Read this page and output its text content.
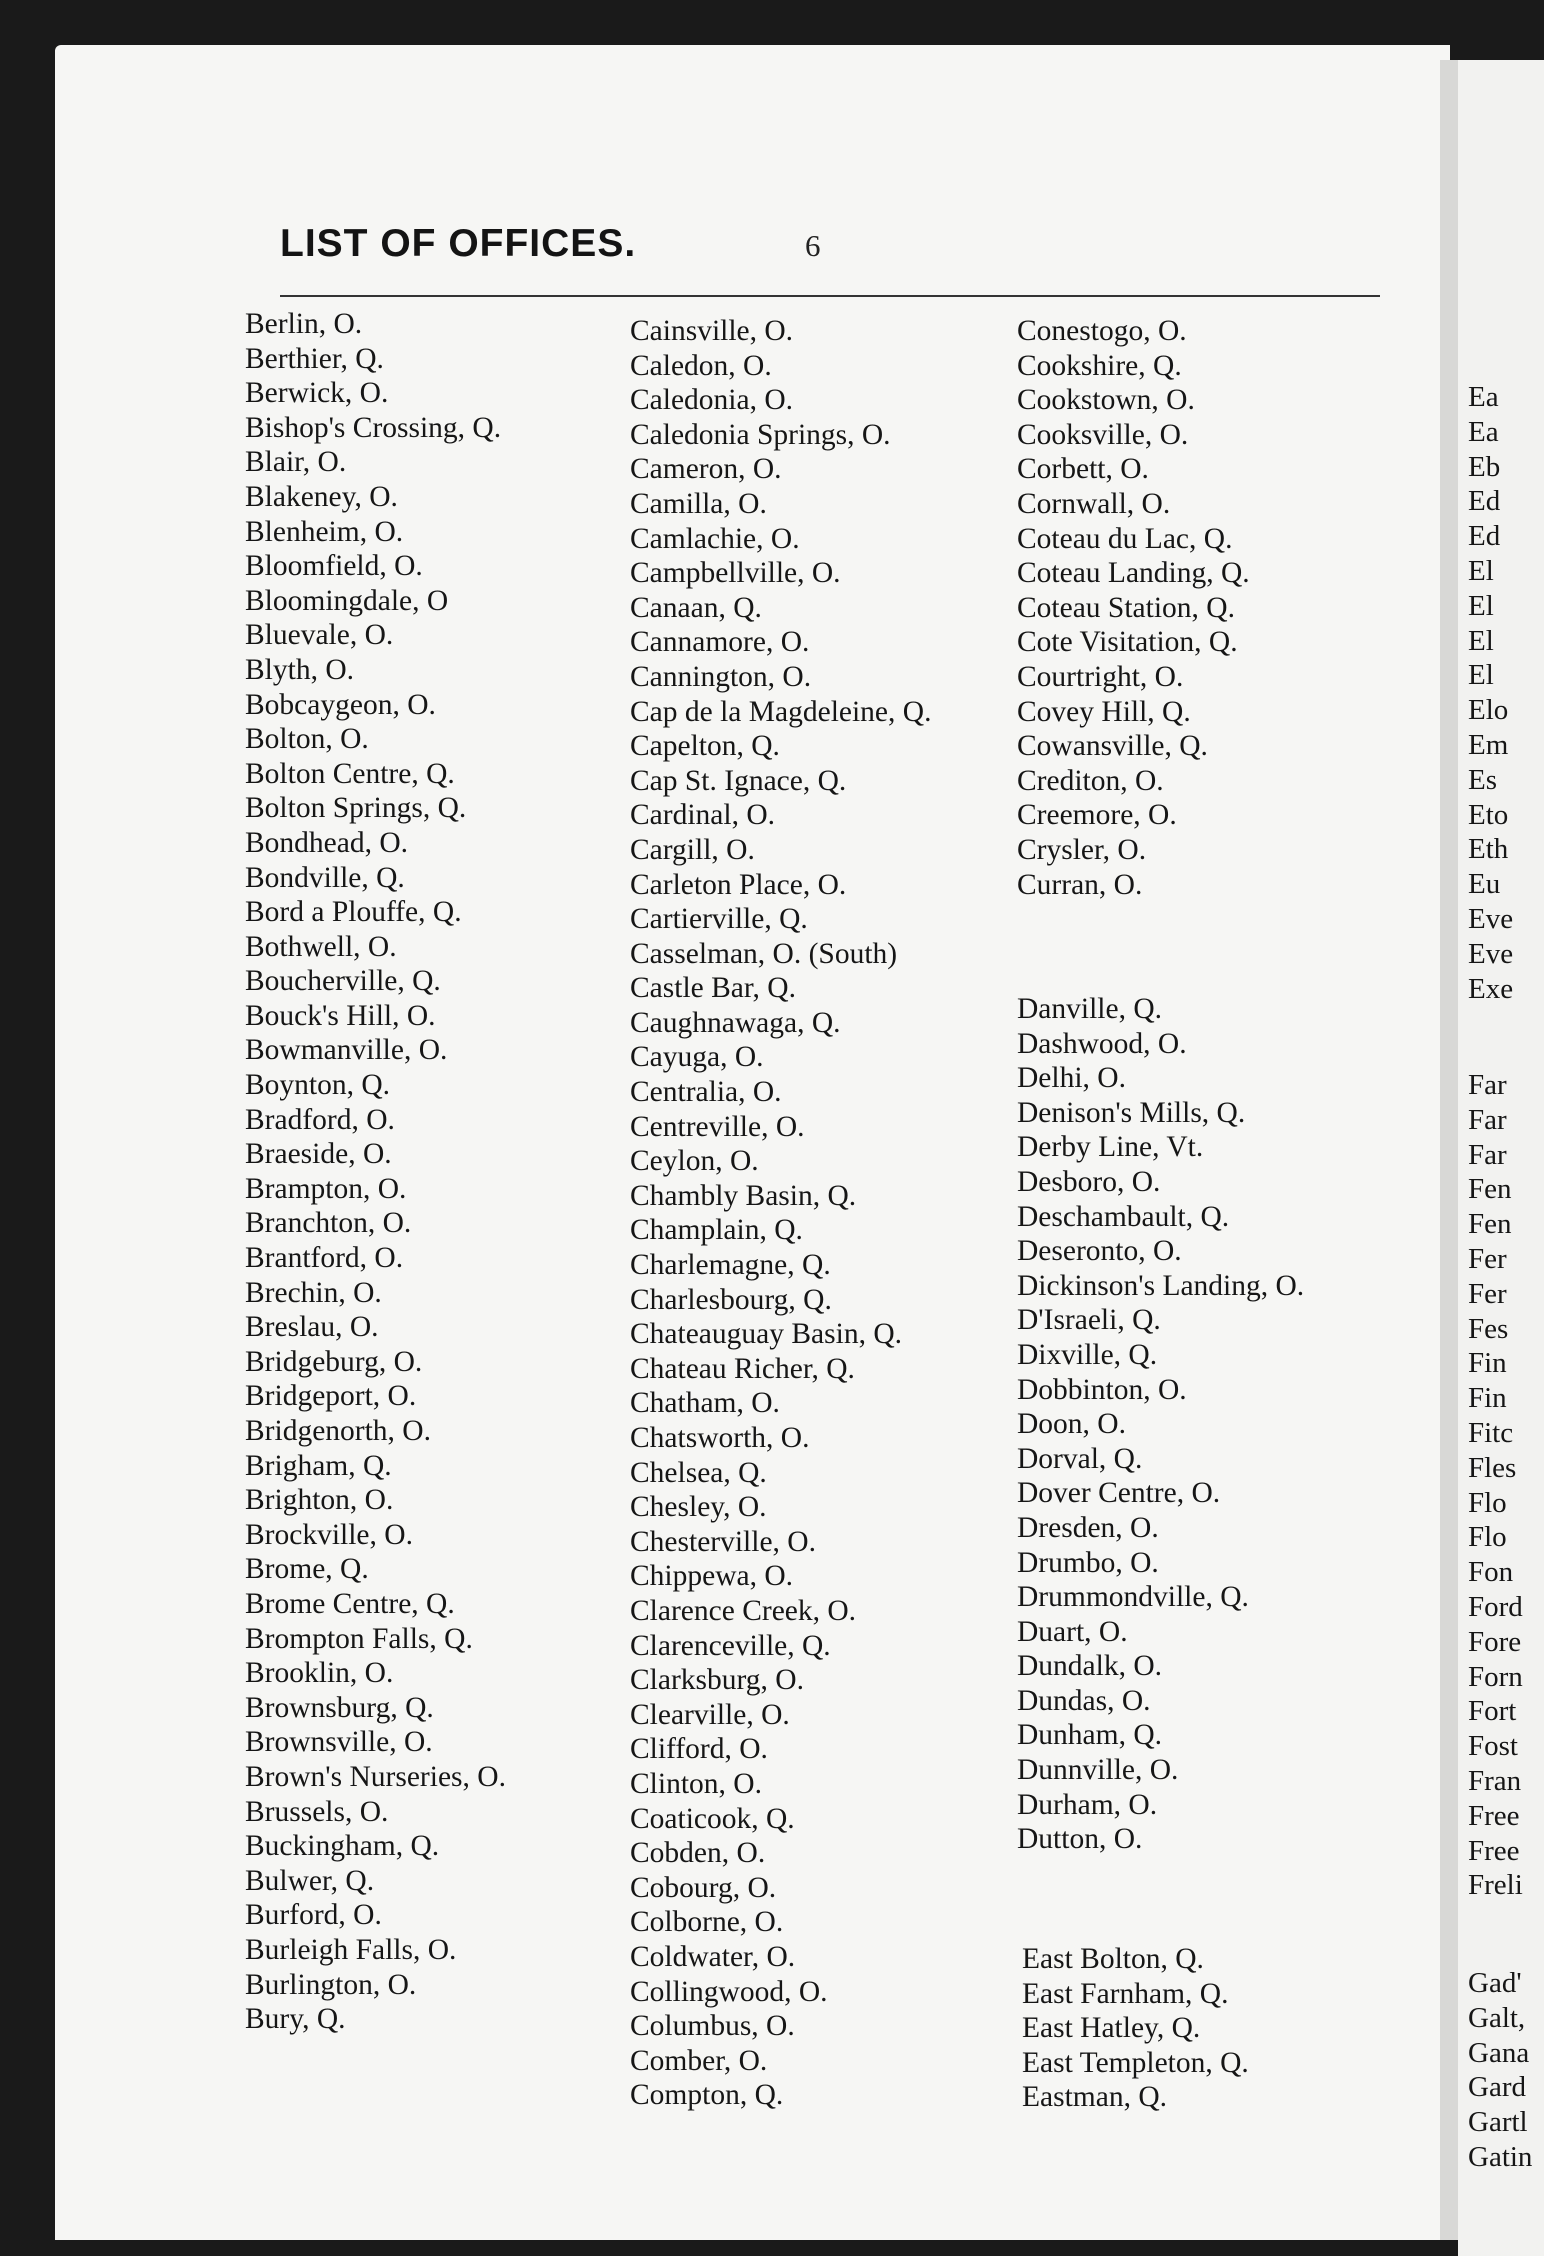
LIST OF OFFICES.	6
Berlin, O.
Berthier, Q.
Berwick, O.
Bishop's Crossing, Q.
Blair, O.
Blakeney, O.
Blenheim, O.
Bloomfield, O.
Bloomingdale, O
Bluevale, O.
Blyth, O.
Bobcaygeon, O.
Bolton, O.
Bolton Centre, Q.
Bolton Springs, Q.
Bondhead, O.
Bondville, Q.
Bord a Plouffe, Q.
Bothwell, O.
Boucherville, Q.
Bouck's Hill, O.
Bowmanville, O.
Boynton, Q.
Bradford, O.
Braeside, O.
Brampton, O.
Branchton, O.
Brantford, O.
Brechin, O.
Breslau, O.
Bridgeburg, O.
Bridgeport, O.
Bridgenorth, O.
Brigham, Q.
Brighton, O.
Brockville, O.
Brome, Q.
Brome Centre, Q.
Brompton Falls, Q.
Brooklin, O.
Brownsburg, Q.
Brownsville, O.
Brown's Nurseries, O.
Brussels, O.
Buckingham, Q.
Bulwer, Q.
Burford, O.
Burleigh Falls, O.
Burlington, O.
Bury, Q.
Cainsville, O.
Caledon, O.
Caledonia, O.
Caledonia Springs, O.
Cameron, O.
Camilla, O.
Camlachie, O.
Campbellville, O.
Canaan, Q.
Cannamore, O.
Cannington, O.
Cap de la Magdeleine, Q.
Capelton, Q.
Cap St. Ignace, Q.
Cardinal, O.
Cargill, O.
Carleton Place, O.
Cartierville, Q.
Casselman, O. (South)
Castle Bar, Q.
Caughnawaga, Q.
Cayuga, O.
Centralia, O.
Centreville, O.
Ceylon, O.
Chambly Basin, Q.
Champlain, Q.
Charlemagne, Q.
Charlesbourg, Q.
Chateauguay Basin, Q.
Chateau Richer, Q.
Chatham, O.
Chatsworth, O.
Chelsea, Q.
Chesley, O.
Chesterville, O.
Chippewa, O.
Clarence Creek, O.
Clarenceville, Q.
Clarksburg, O.
Clearville, O.
Clifford, O.
Clinton, O.
Coaticook, Q.
Cobden, O.
Cobourg, O.
Colborne, O.
Coldwater, O.
Collingwood, O.
Columbus, O.
Comber, O.
Compton, Q.
Conestogo, O.
Cookshire, Q.
Cookstown, O.
Cooksville, O.
Corbett, O.
Cornwall, O.
Coteau du Lac, Q.
Coteau Landing, Q.
Coteau Station, Q.
Cote Visitation, Q.
Courtright, O.
Covey Hill, Q.
Cowansville, Q.
Crediton, O.
Creemore, O.
Crysler, O.
Curran, O.
Danville, Q.
Dashwood, O.
Delhi, O.
Denison's Mills, Q.
Derby Line, Vt.
Desboro, O.
Deschambault, Q.
Deseronto, O.
Dickinson's Landing, O.
D'Israeli, Q.
Dixville, Q.
Dobbinton, O.
Doon, O.
Dorval, Q.
Dover Centre, O.
Dresden, O.
Drumbo, O.
Drummondville, Q.
Duart, O.
Dundalk, O.
Dundas, O.
Dunham, Q.
Dunnville, O.
Durham, O.
Dutton, O.
East Bolton, Q.
East Farnham, Q.
East Hatley, Q.
East Templeton, Q.
Eastman, Q.
Ea
Ea
Eb
Ed
Ed
El
El
El
El
Elo
Em
Es
Eto
Eth
Eu
Eve
Eve
Exe
Far
Far
Far
Fen
Fen
Fer
Fer
Fes
Fin
Fin
Fitc
Fles
Flo
Flo
Fon
Ford
Fore
Forn
Fort
Fost
Fran
Free
Free
Freli
Gad'
Galt,
Gana
Gard
Gartl
Gatin
